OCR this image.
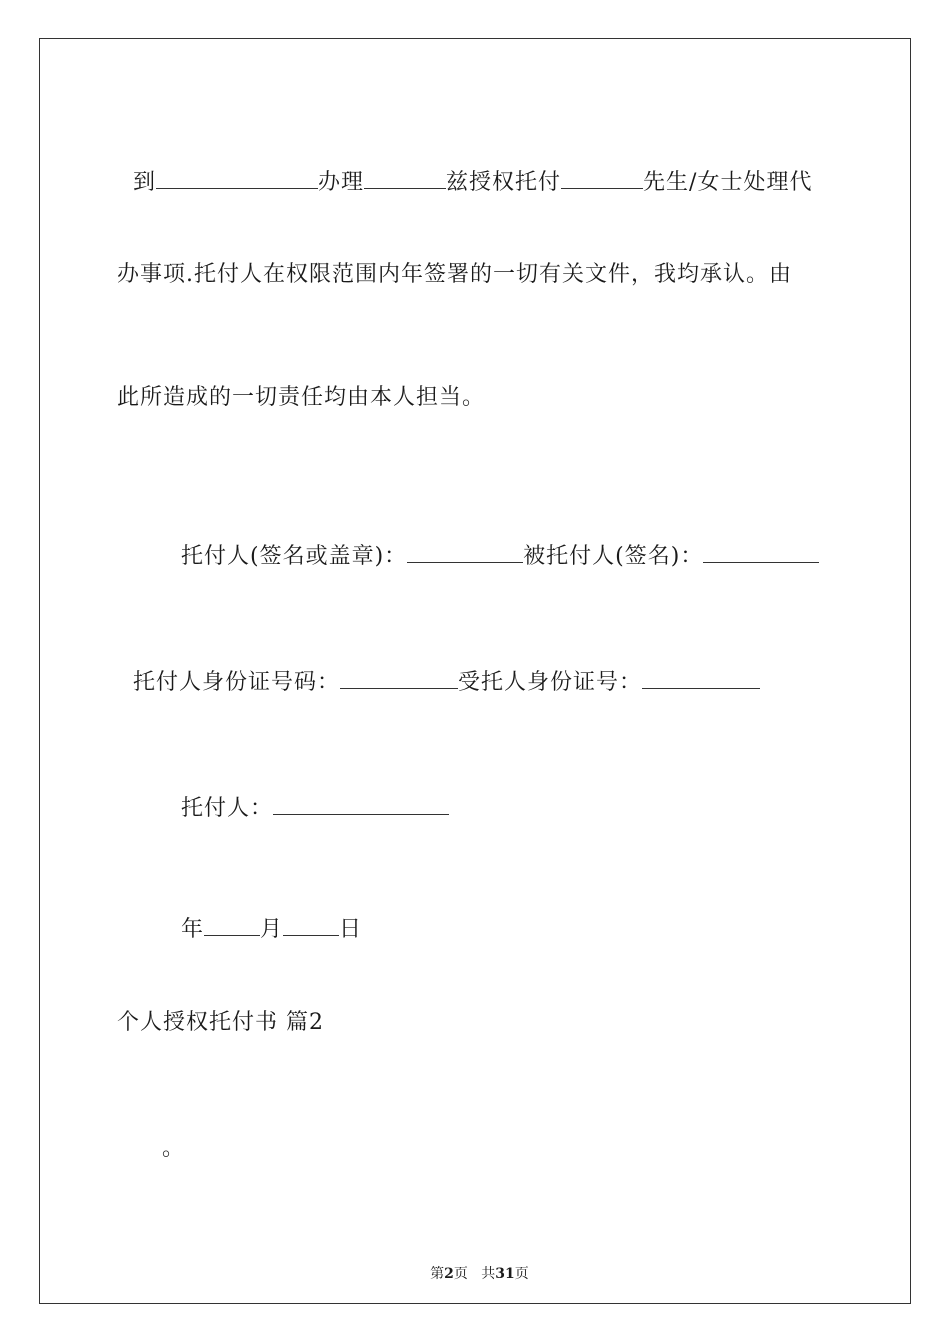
到	办理	兹授权托付	先生/女士处理代

办事项.托付人在权限范围内年签署的一切有关文件，我均承认。由
此所造成的一切责任均由本人担当。

托付人(签名或盖章)：	被托付人(签名)：

托付人身份证号码：	受托人身份证号：

托付人：

年	月	日

个人授权托付书 篇2
。

第2页 共31页
